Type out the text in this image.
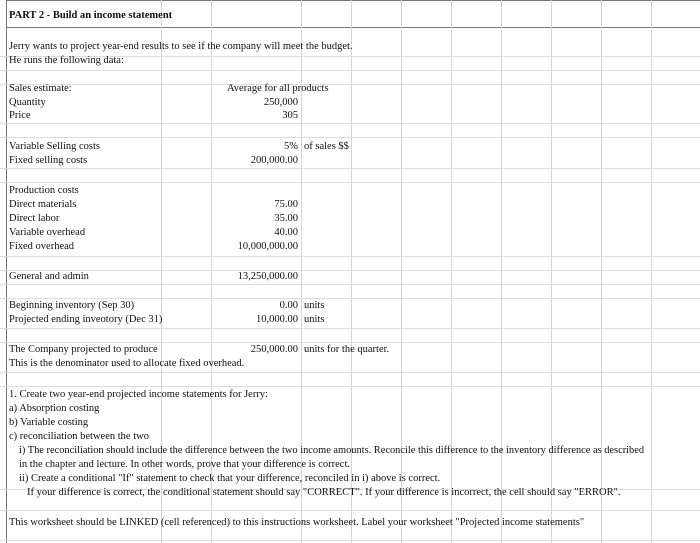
PART 2 - Build an income statement
Jerry wants to project year-end results to see if the company will meet the budget.
He runs the following data:
Sales estimate:	Average for all products
Quantity	250,000
Price	305
Variable Selling costs	5% of sales $$
Fixed selling costs	200,000.00
Production costs
Direct materials	75.00
Direct labor	35.00
Variable overhead	40.00
Fixed overhead	10,000,000.00
General and admin	13,250,000.00
Beginning inventory (Sep 30)	0.00 units
Projected ending inveotory (Dec 31)	10,000.00 units
The Company projected to produce	250,000.00 units for the quarter.
This is the denominator used to allocate fixed overhead.
1. Create two year-end projected income statements for Jerry:
a) Absorption costing
b) Variable costing
c) reconciliation between the two
i) The reconciliation should include the difference between the two income amounts. Reconcile this difference to the inventory difference as described
in the chapter and lecture. In other words, prove that your difference is correct.
ii) Create a conditional "If" statement to check that your difference, reconciled in i) above is correct.
If your difference is correct, the conditional statement should say "CORRECT". If your difference is incorrect, the cell should say "ERROR".
This worksheet should be LINKED (cell referenced) to this instructions worksheet. Label your worksheet "Projected income statements"
